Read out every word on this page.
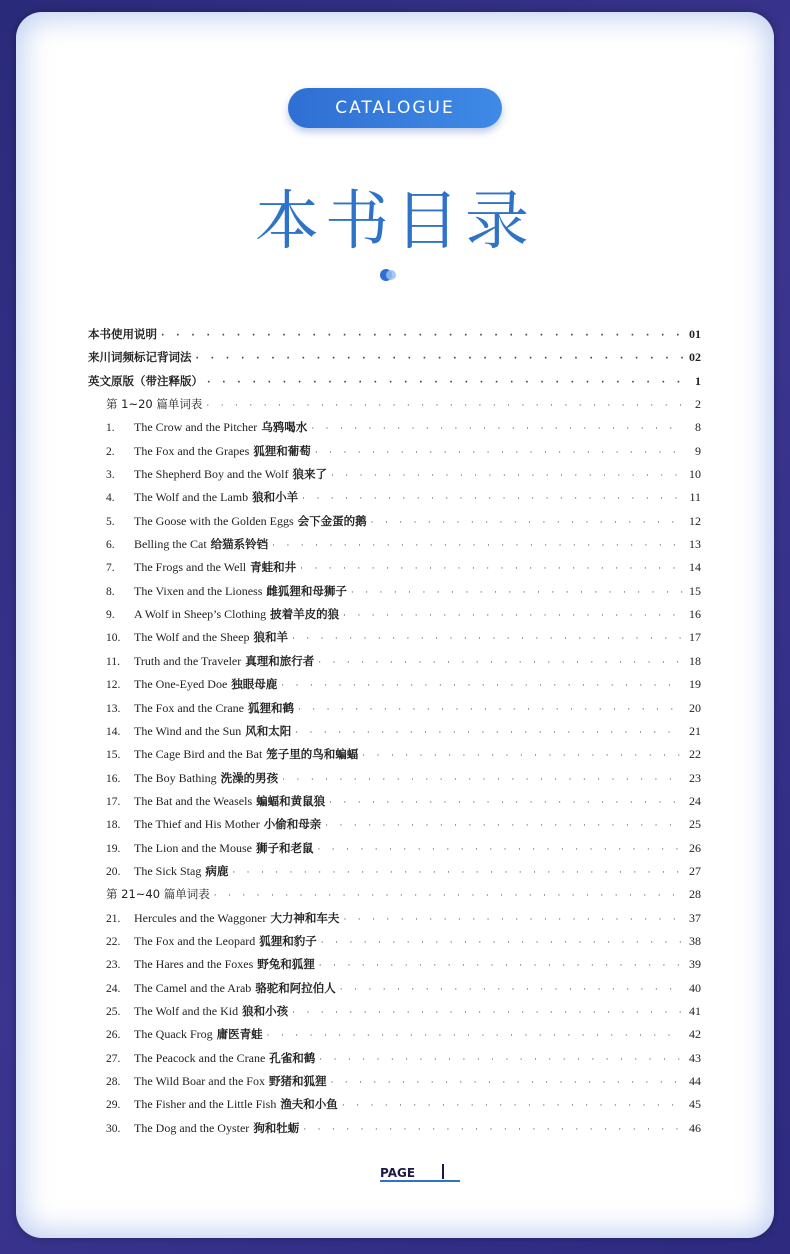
CATALOGUE
本书目录
本书使用说明 · · ·	01
来川词频标记背词法 · · ·	02
英文原版（带注释版） · · ·	1
第 1~20 篇单词表 · · ·	2
1.	The Crow and the Pitcher 乌鸦喝水 · · ·	8
2.	The Fox and the Grapes 狐狸和葡萄 · · ·	9
3.	The Shepherd Boy and the Wolf 狼来了 · · ·	10
4.	The Wolf and the Lamb 狼和小羊 · · ·	11
5.	The Goose with the Golden Eggs 会下金蛋的鹅 · · ·	12
6.	Belling the Cat 给猫系铃铛 · · ·	13
7.	The Frogs and the Well 青蛙和井 · · ·	14
8.	The Vixen and the Lioness 雌狐狸和母狮子 · · ·	15
9.	A Wolf in Sheep’s Clothing 披着羊皮的狼 · · ·	16
10.	The Wolf and the Sheep 狼和羊 · · ·	17
11.	Truth and the Traveler 真理和旅行者 · · ·	18
12.	The One-Eyed Doe 独眼母鹿 · · ·	19
13.	The Fox and the Crane 狐狸和鹤 · · ·	20
14.	The Wind and the Sun 风和太阳 · · ·	21
15.	The Cage Bird and the Bat 笼子里的鸟和蝙蝠 · · ·	22
16.	The Boy Bathing 洗澡的男孩 · · ·	23
17.	The Bat and the Weasels 蝙蝠和黄鼠狼 · · ·	24
18.	The Thief and His Mother 小偷和母亲 · · ·	25
19.	The Lion and the Mouse 狮子和老鼠 · · ·	26
20.	The Sick Stag 病鹿 · · ·	27
第 21~40 篇单词表 · · ·	28
21.	Hercules and the Waggoner 大力神和车夫 · · ·	37
22.	The Fox and the Leopard 狐狸和豹子 · · ·	38
23.	The Hares and the Foxes 野兔和狐狸 · · ·	39
24.	The Camel and the Arab 骆驼和阿拉伯人 · · ·	40
25.	The Wolf and the Kid 狼和小孩 · · ·	41
26.	The Quack Frog 庸医青蛙 · · ·	42
27.	The Peacock and the Crane 孔雀和鹤 · · ·	43
28.	The Wild Boar and the Fox 野猪和狐狸 · · ·	44
29.	The Fisher and the Little Fish 渔夫和小鱼 · · ·	45
30.	The Dog and the Oyster 狗和牡蛎 · · ·	46
PAGE
